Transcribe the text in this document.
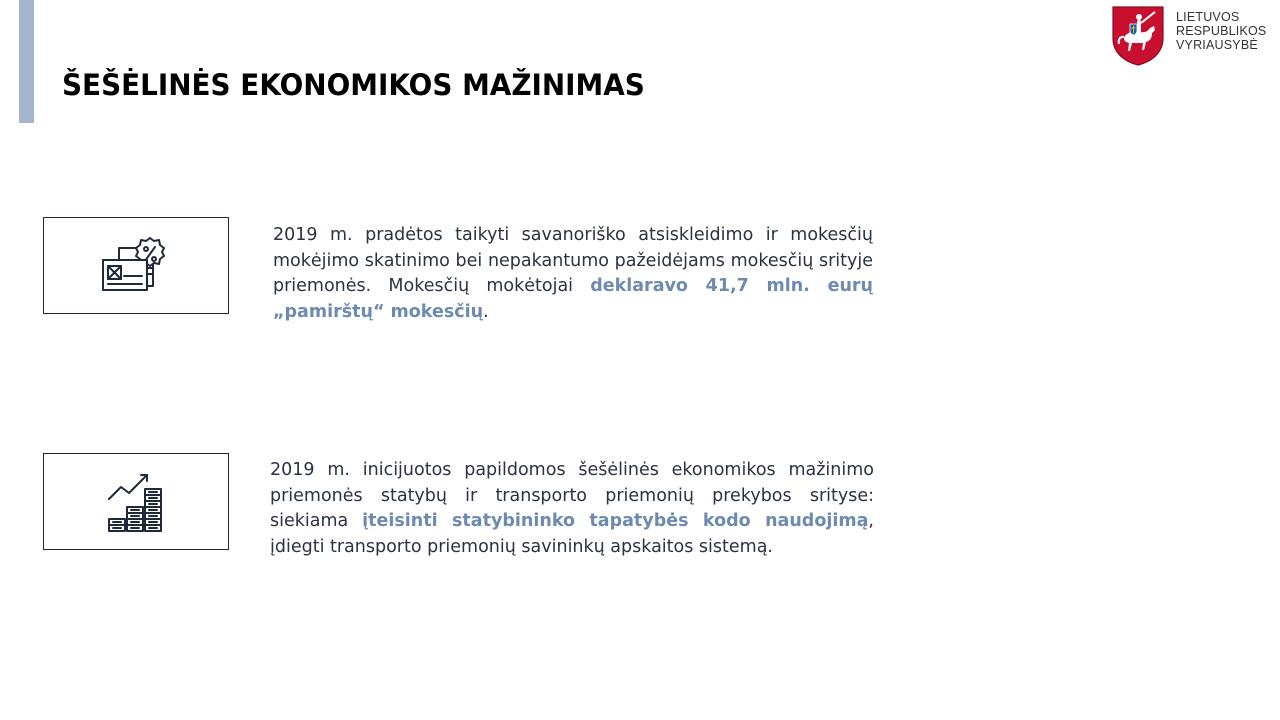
ŠEŠĖLINĖS EKONOMIKOS MAŽINIMAS
LIETUVOS
RESPUBLIKOS
VYRIAUSYBĖ
2019 m. pradėtos taikyti savanoriško atsiskleidimo ir mokesčių mokėjimo skatinimo bei nepakantumo pažeidėjams mokesčių srityje priemonės. Mokesčių mokėtojai deklaravo 41,7 mln. eurų „pamirštų“ mokesčių.
2019 m. inicijuotos papildomos šešėlinės ekonomikos mažinimo priemonės statybų ir transporto priemonių prekybos srityse: siekiama įteisinti statybininko tapatybės kodo naudojimą, įdiegti transporto priemonių savininkų apskaitos sistemą.
